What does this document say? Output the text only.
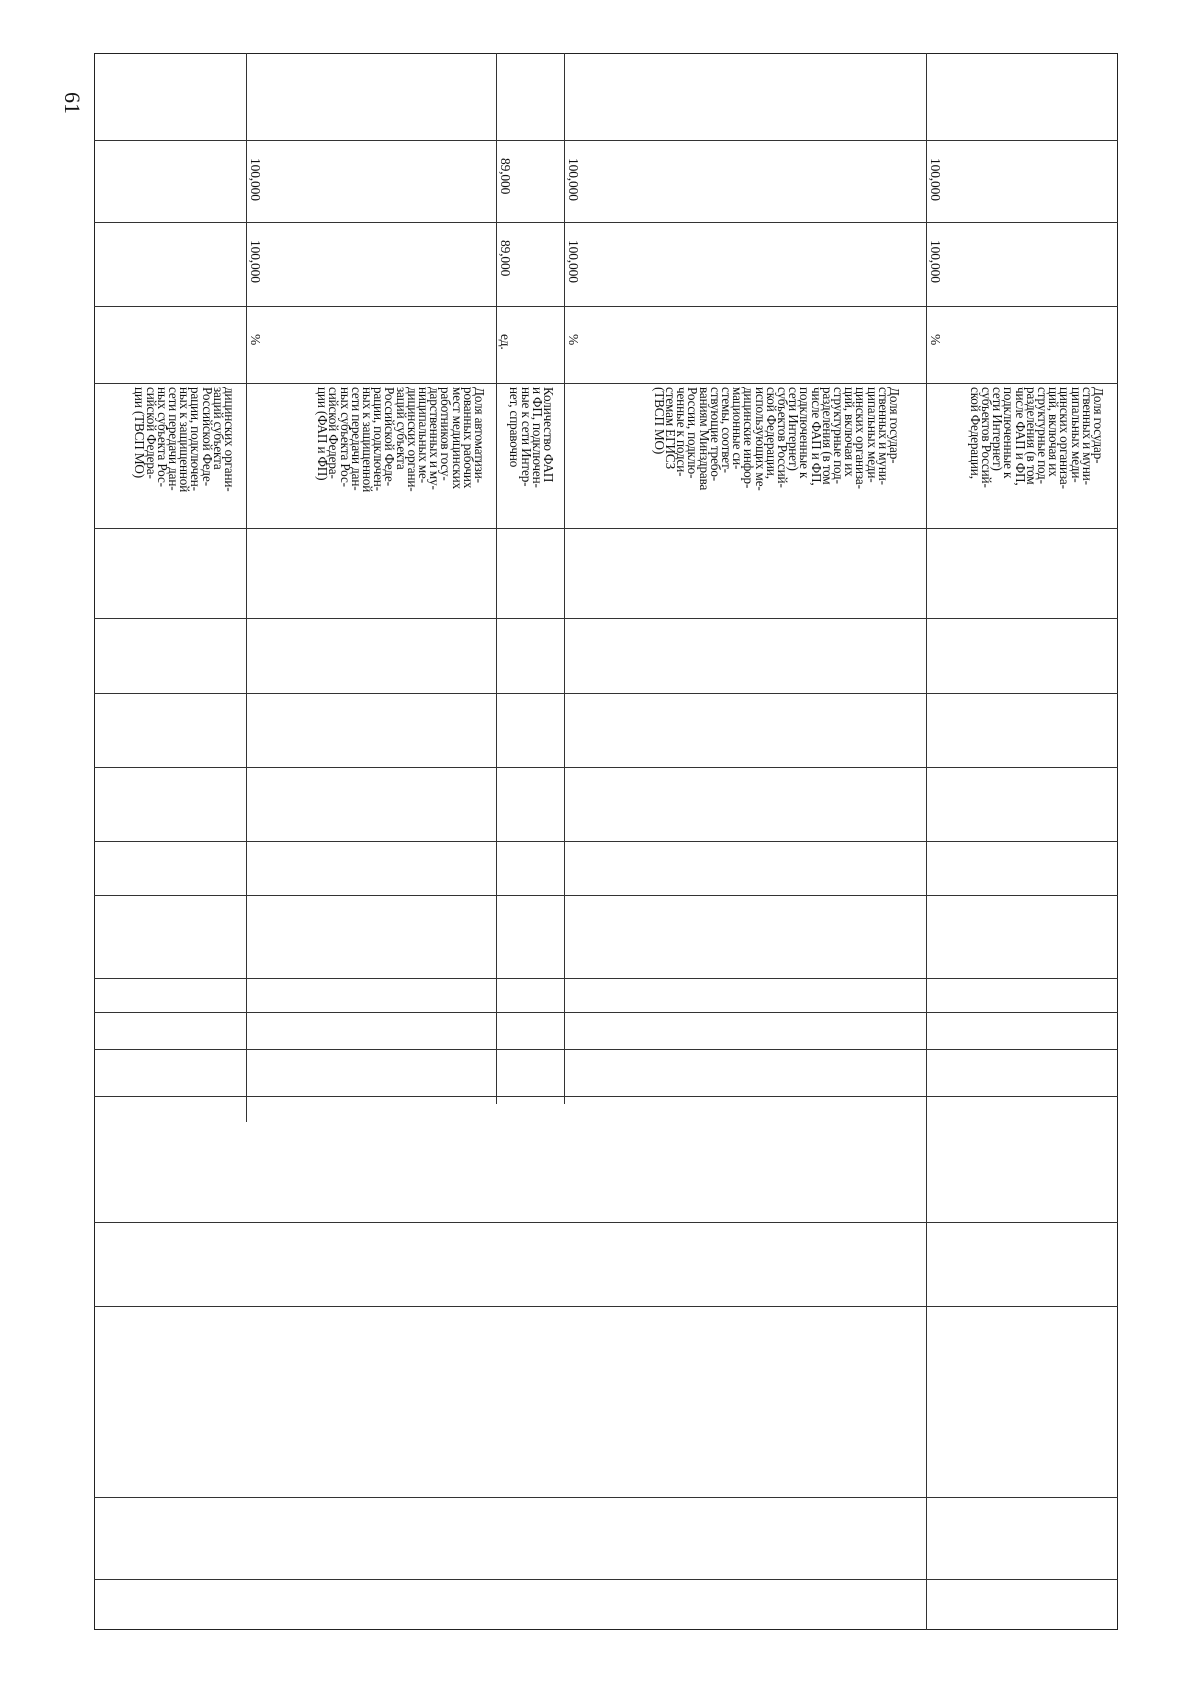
61
дицинских органи-
заций субъекта
Российской Феде-
рации, подключен-
ных к защищенной
сети передачи дан-
ных субъекта Рос-
сийской Федера-
ции (ТВСП МО)
Доля автоматизи-
рованных рабочих
мест медицинских
работников госу-
дарственных и му-
ниципальных ме-
дицинских органи-
заций субъекта
Российской Феде-
рации, подключен-
ных к защищенной
сети передачи дан-
ных субъекта Рос-
сийской Федера-
ции (ФАП и ФП)
%
100,000
100,000
Количество ФАП
и ФП, подключен-
ные к сети Интер-
нет, справочно
ед.
89,000
89,000
Доля государ-
ственных и муни-
ципальных меди-
цинских организа-
ций, включая их
структурные под-
разделения (в том
числе ФАП и ФП,
подключенные к
сети Интернет)
субъектов Россий-
ской Федерации,
использующих ме-
дицинские инфор-
мационные си-
стемы, соответ-
ствующие требо-
ваниям Минздрава
России, подклю-
ченные к подси-
стемам ЕГИСЗ
(ТВСП МО)
%
100,000
100,000
Доля государ-
ственных и муни-
ципальных меди-
цинских организа-
ций, включая их
структурные под-
разделения (в том
числе ФАП и ФП,
подключенные к
сети Интернет)
субъектов Россий-
ской Федерации,
%
100,000
100,000
